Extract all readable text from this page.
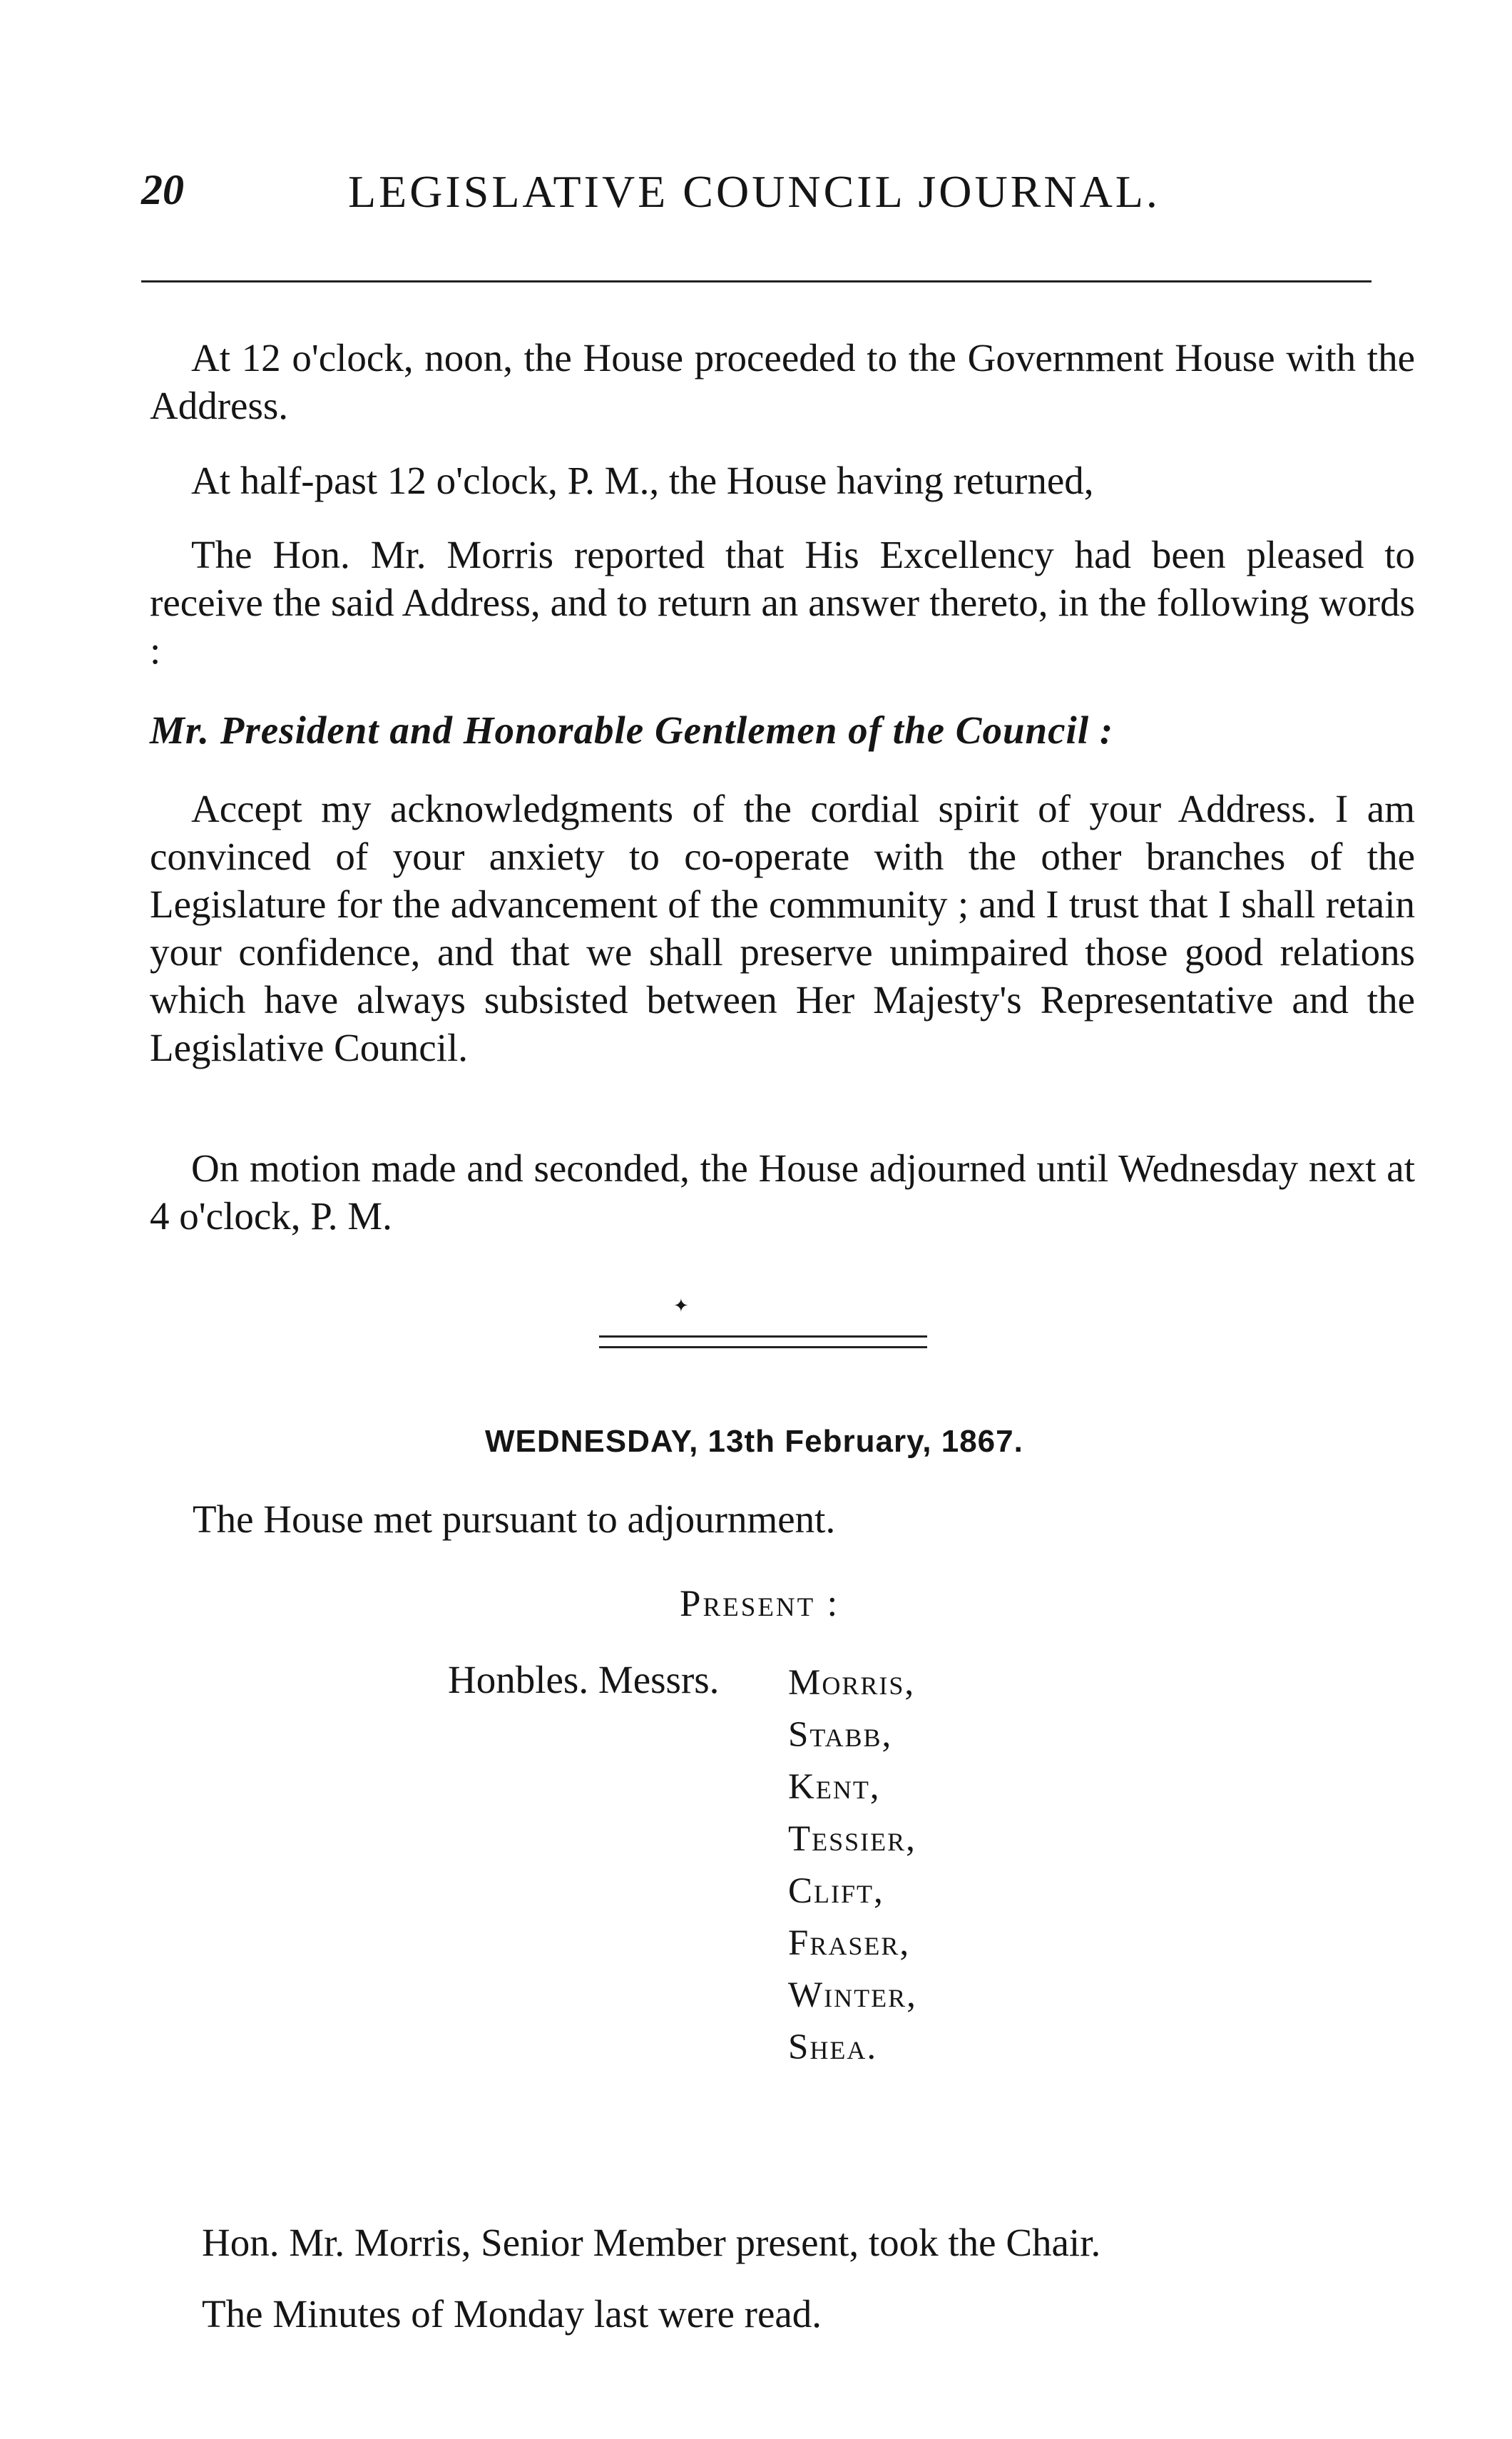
20	LEGISLATIVE COUNCIL JOURNAL.

At 12 o'clock, noon, the House proceeded to the Government House with the Address.

At half-past 12 o'clock, P. M., the House having returned,

The Hon. Mr. Morris reported that His Excellency had been pleased to receive the said Address, and to return an answer thereto, in the following words :

Mr. President and Honorable Gentlemen of the Council :

Accept my acknowledgments of the cordial spirit of your Address. I am convinced of your anxiety to co-operate with the other branches of the Legislature for the advancement of the community ; and I trust that I shall retain your confidence, and that we shall preserve unimpaired those good relations which have always subsisted between Her Majesty's Representative and the Legislative Council.

On motion made and seconded, the House adjourned until Wednesday next at 4 o'clock, P. M.

✦
WEDNESDAY, 13th February, 1867.
The House met pursuant to adjournment.
Present :
Honbles. Messrs. Morris,
Stabb,
Kent,
Tessier,
Clift,
Fraser,
Winter,
Shea.
Hon. Mr. Morris, Senior Member present, took the Chair.
The Minutes of Monday last were read.
